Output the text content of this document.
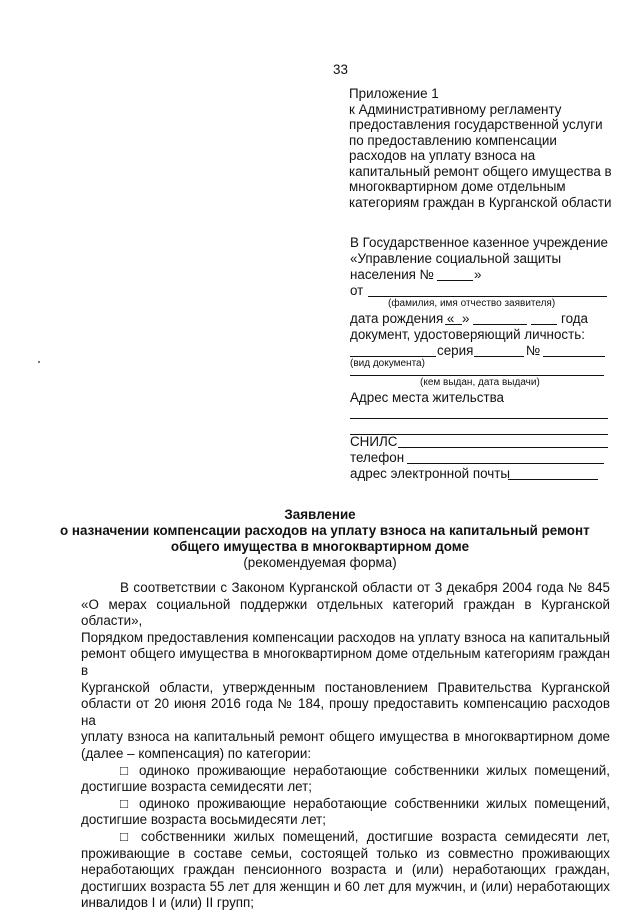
33
Приложение 1
к Административному регламенту
предоставления государственной услуги
по предоставлению компенсации
расходов на уплату взноса на
капитальный ремонт общего имущества в
многоквартирном доме отдельным
категориям граждан в Курганской области
В Государственное казенное учреждение
«Управление социальной защиты
населения №	»
от
(фамилия, имя отчество заявителя)
дата рождения « »	года
документ, удостоверяющий личность:
серия	№
(вид документа)
(кем выдан, дата выдачи)
Адрес места жительства
СНИЛС
телефон
адрес электронной почты
Заявление
о назначении компенсации расходов на уплату взноса на капитальный ремонт
общего имущества в многоквартирном доме
(рекомендуемая форма)

В соответствии с Законом Курганской области от 3 декабря 2004 года № 845

«О мерах социальной поддержки отдельных категорий граждан в Курганской области»,

Порядком предоставления компенсации расходов на уплату взноса на капитальный

ремонт общего имущества в многоквартирном доме отдельным категориям граждан в

Курганской области, утвержденным постановлением Правительства Курганской

области от 20 июня 2016 года № 184, прошу предоставить компенсацию расходов на

уплату взноса на капитальный ремонт общего имущества в многоквартирном доме

(далее – компенсация) по категории:

□ одиноко проживающие неработающие собственники жилых помещений,

достигшие возраста семидесяти лет;

□ одиноко проживающие неработающие собственники жилых помещений,

достигшие возраста восьмидесяти лет;

□ собственники жилых помещений, достигшие возраста семидесяти лет,

проживающие в составе семьи, состоящей только из совместно проживающих

неработающих граждан пенсионного возраста и (или) неработающих граждан,

достигших возраста 55 лет для женщин и 60 лет для мужчин, и (или) неработающих

инвалидов I и (или) II групп;
